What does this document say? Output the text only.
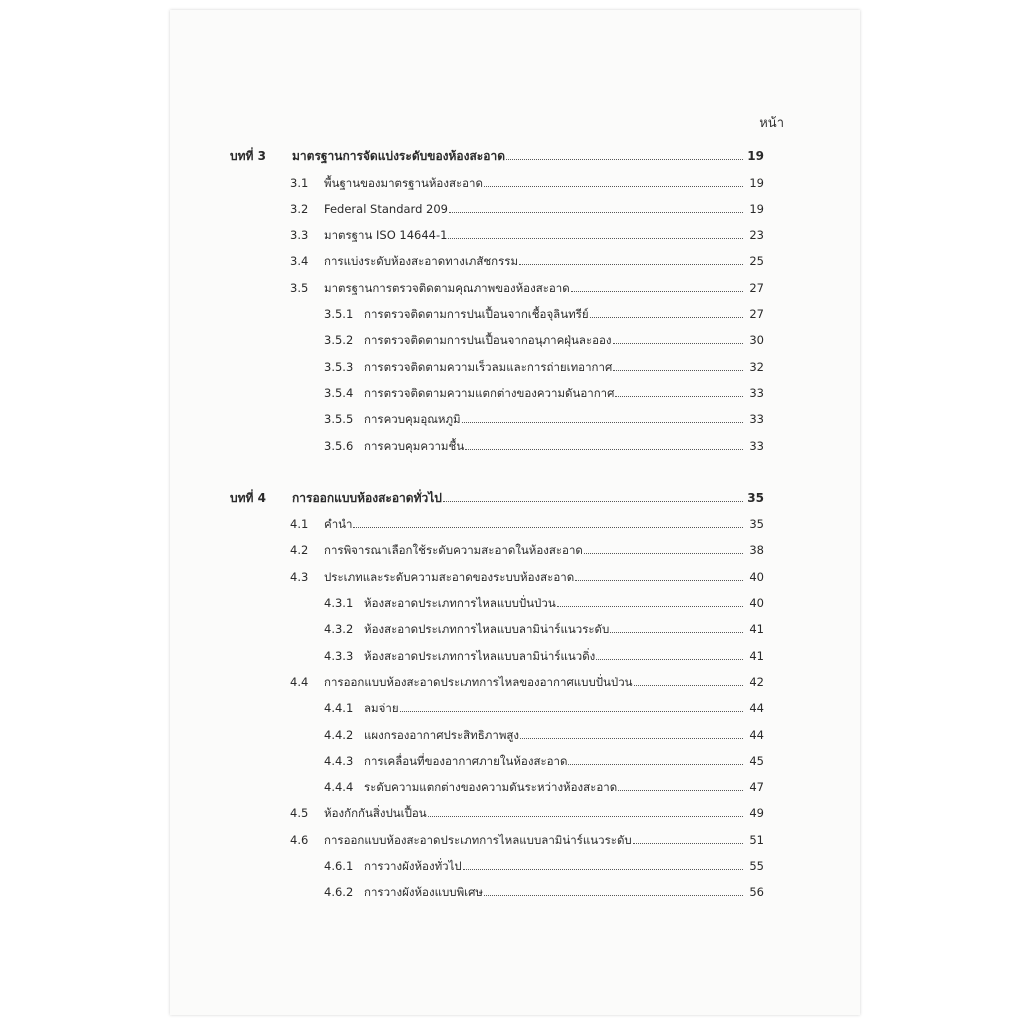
หน้า
บทที่ 3	มาตรฐานการจัดแบ่งระดับของห้องสะอาด	19
3.1	พื้นฐานของมาตรฐานห้องสะอาด	19
3.2	Federal Standard 209	19
3.3	มาตรฐาน ISO 14644-1	23
3.4	การแบ่งระดับห้องสะอาดทางเภสัชกรรม	25
3.5	มาตรฐานการตรวจติดตามคุณภาพของห้องสะอาด	27
3.5.1 การตรวจติดตามการปนเปื้อนจากเชื้อจุลินทรีย์	27
3.5.2 การตรวจติดตามการปนเปื้อนจากอนุภาคฝุ่นละออง	30
3.5.3 การตรวจติดตามความเร็วลมและการถ่ายเทอากาศ	32
3.5.4 การตรวจติดตามความแตกต่างของความดันอากาศ	33
3.5.5 การควบคุมอุณหภูมิ	33
3.5.6 การควบคุมความชื้น	33
บทที่ 4	การออกแบบห้องสะอาดทั่วไป	35
4.1	คำนำ	35
4.2	การพิจารณาเลือกใช้ระดับความสะอาดในห้องสะอาด	38
4.3	ประเภทและระดับความสะอาดของระบบห้องสะอาด	40
4.3.1 ห้องสะอาดประเภทการไหลแบบปั่นป่วน	40
4.3.2 ห้องสะอาดประเภทการไหลแบบลามิน่าร์แนวระดับ	41
4.3.3 ห้องสะอาดประเภทการไหลแบบลามิน่าร์แนวดิ่ง	41
4.4	การออกแบบห้องสะอาดประเภทการไหลของอากาศแบบปั่นป่วน	42
4.4.1 ลมจ่าย	44
4.4.2 แผงกรองอากาศประสิทธิภาพสูง	44
4.4.3 การเคลื่อนที่ของอากาศภายในห้องสะอาด	45
4.4.4 ระดับความแตกต่างของความดันระหว่างห้องสะอาด	47
4.5	ห้องกักกันสิ่งปนเปื้อน	49
4.6	การออกแบบห้องสะอาดประเภทการไหลแบบลามิน่าร์แนวระดับ	51
4.6.1 การวางผังห้องทั่วไป	55
4.6.2 การวางผังห้องแบบพิเศษ	56
